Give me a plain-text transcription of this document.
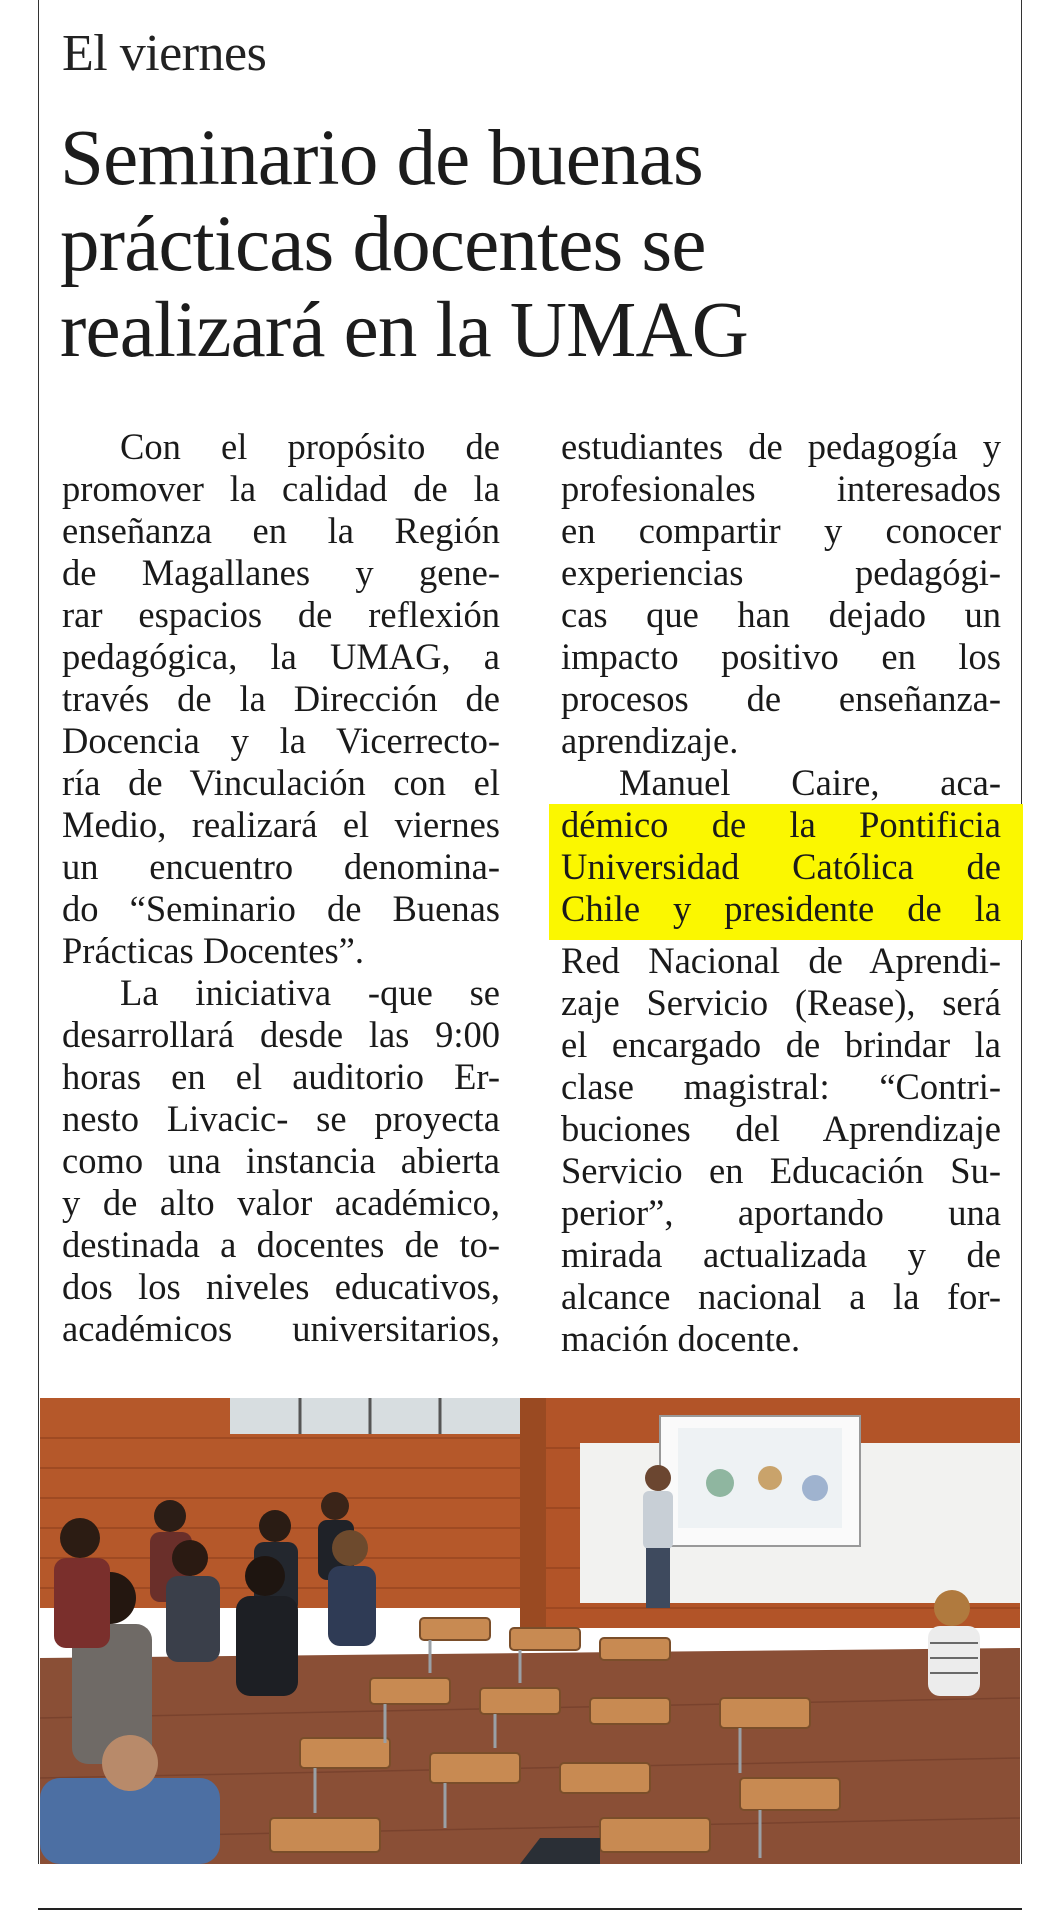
El viernes
Seminario de buenas
prácticas docentes se
realizará en la UMAG
Con el propósito de
promover la calidad de la
enseñanza en la Región
de Magallanes y gene-
rar espacios de reflexión
pedagógica, la UMAG, a
través de la Dirección de
Docencia y la Vicerrecto-
ría de Vinculación con el
Medio, realizará el viernes
un encuentro denomina-
do “Seminario de Buenas
Prácticas Docentes”.
La iniciativa -que se
desarrollará desde las 9:00
horas en el auditorio Er-
nesto Livacic- se proyecta
como una instancia abierta
y de alto valor académico,
destinada a docentes de to-
dos los niveles educativos,
académicos universitarios,
estudiantes de pedagogía y
profesionales interesados
en compartir y conocer
experiencias pedagógi-
cas que han dejado un
impacto positivo en los
procesos de enseñanza-
aprendizaje.
Manuel Caire, aca-
démico de la Pontificia
Universidad Católica de
Chile y presidente de la
Red Nacional de Aprendi-
zaje Servicio (Rease), será
el encargado de brindar la
clase magistral: “Contri-
buciones del Aprendizaje
Servicio en Educación Su-
perior”, aportando una
mirada actualizada y de
alcance nacional a la for-
mación docente.
